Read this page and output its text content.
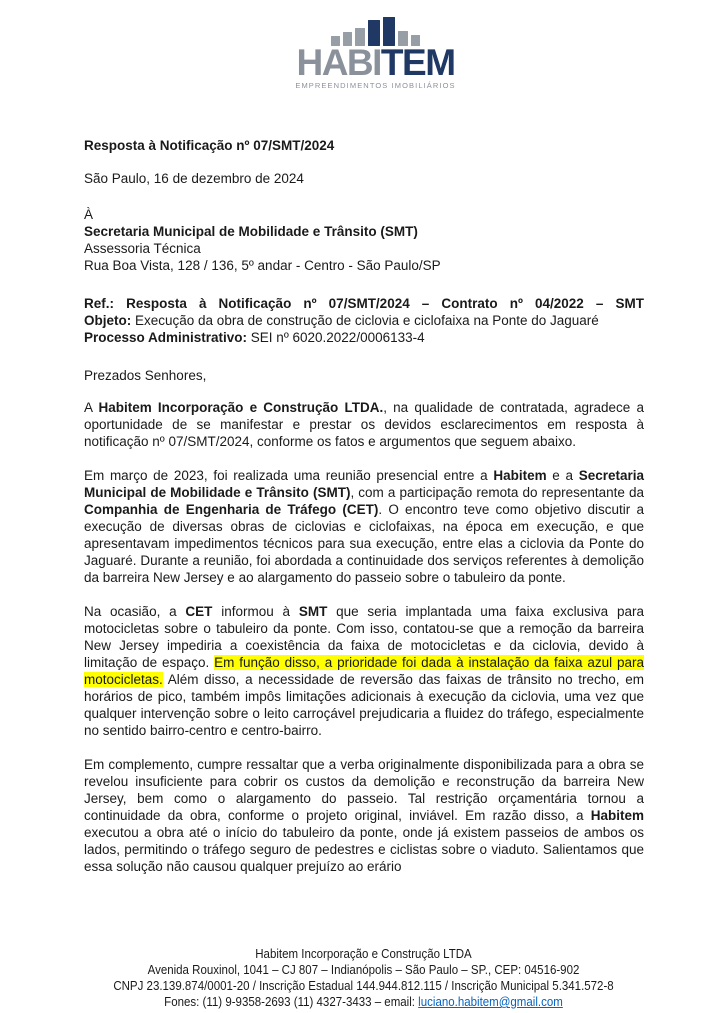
HABITEM
EMPREENDIMENTOS IMOBILIÁRIOS
Resposta à Notificação nº 07/SMT/2024
São Paulo, 16 de dezembro de 2024
À
Secretaria Municipal de Mobilidade e Trânsito (SMT)
Assessoria Técnica
Rua Boa Vista, 128 / 136, 5º andar - Centro - São Paulo/SP
Ref.: Resposta à Notificação nº 07/SMT/2024 – Contrato nº 04/2022 – SMT
Objeto: Execução da obra de construção de ciclovia e ciclofaixa na Ponte do Jaguaré
Processo Administrativo: SEI nº 6020.2022/0006133-4
Prezados Senhores,
A Habitem Incorporação e Construção LTDA., na qualidade de contratada, agradece a oportunidade de se manifestar e prestar os devidos esclarecimentos em resposta à notificação nº 07/SMT/2024, conforme os fatos e argumentos que seguem abaixo.
Em março de 2023, foi realizada uma reunião presencial entre a Habitem e a Secretaria Municipal de Mobilidade e Trânsito (SMT), com a participação remota do representante da Companhia de Engenharia de Tráfego (CET). O encontro teve como objetivo discutir a execução de diversas obras de ciclovias e ciclofaixas, na época em execução, e que apresentavam impedimentos técnicos para sua execução, entre elas a ciclovia da Ponte do Jaguaré. Durante a reunião, foi abordada a continuidade dos serviços referentes à demolição da barreira New Jersey e ao alargamento do passeio sobre o tabuleiro da ponte.
Na ocasião, a CET informou à SMT que seria implantada uma faixa exclusiva para motocicletas sobre o tabuleiro da ponte. Com isso, contatou-se que a remoção da barreira New Jersey impediria a coexistência da faixa de motocicletas e da ciclovia, devido à limitação de espaço. Em função disso, a prioridade foi dada à instalação da faixa azul para motocicletas. Além disso, a necessidade de reversão das faixas de trânsito no trecho, em horários de pico, também impôs limitações adicionais à execução da ciclovia, uma vez que qualquer intervenção sobre o leito carroçável prejudicaria a fluidez do tráfego, especialmente no sentido bairro-centro e centro-bairro.
Em complemento, cumpre ressaltar que a verba originalmente disponibilizada para a obra se revelou insuficiente para cobrir os custos da demolição e reconstrução da barreira New Jersey, bem como o alargamento do passeio. Tal restrição orçamentária tornou a continuidade da obra, conforme o projeto original, inviável. Em razão disso, a Habitem executou a obra até o início do tabuleiro da ponte, onde já existem passeios de ambos os lados, permitindo o tráfego seguro de pedestres e ciclistas sobre o viaduto. Salientamos que essa solução não causou qualquer prejuízo ao erário
Habitem Incorporação e Construção LTDA
Avenida Rouxinol, 1041 – CJ 807 – Indianópolis – São Paulo – SP., CEP: 04516-902
CNPJ 23.139.874/0001-20 / Inscrição Estadual 144.944.812.115 / Inscrição Municipal 5.341.572-8
Fones: (11) 9-9358-2693 (11) 4327-3433 – email: luciano.habitem@gmail.com
